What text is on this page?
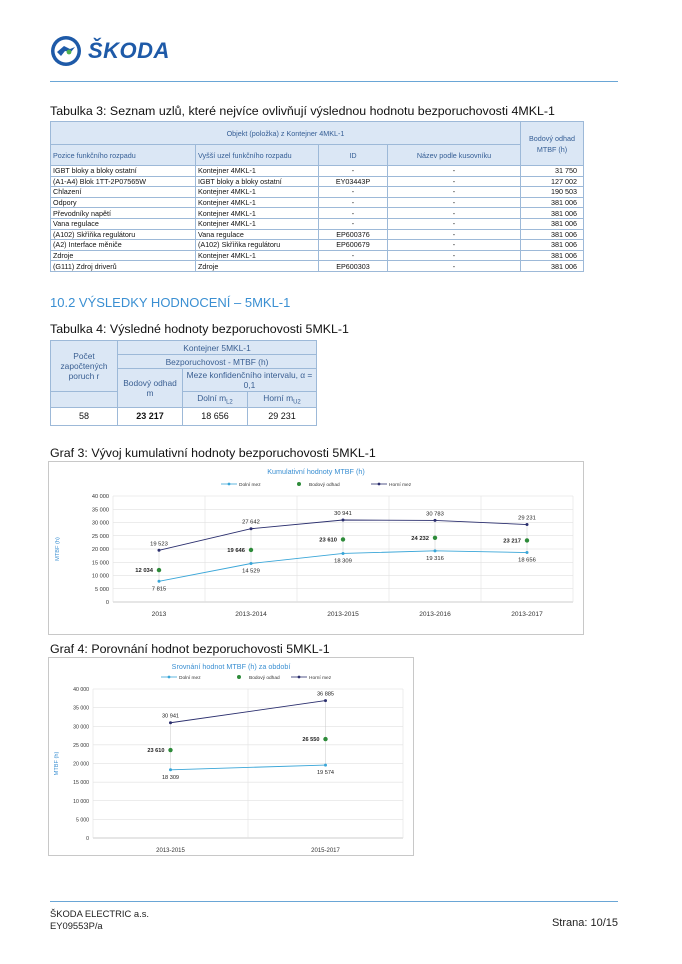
ŠKODA
Tabulka 3: Seznam uzlů, které nejvíce ovlivňují výslednou hodnotu bezporuchovosti 4MKL-1
Objekt (položka) z Kontejner 4MKL-1				Bodový odhad MTBF (h)
Pozice funkčního rozpadu	Vyšší uzel funkčního rozpadu	ID	Název podle kusovníku	
IGBT bloky a bloky ostatní	Kontejner 4MKL-1	-	-	31 750
(A1-A4) Blok 1TT-2P07565W	IGBT bloky a bloky ostatní	EY03443P	-	127 002
Chlazení	Kontejner 4MKL-1	-	-	190 503
Odpory	Kontejner 4MKL-1	-	-	381 006
Převodníky napětí	Kontejner 4MKL-1	-	-	381 006
Vana regulace	Kontejner 4MKL-1	-	-	381 006
(A102) Skříňka regulátoru	Vana regulace	EP600376	-	381 006
(A2) Interface měniče	(A102) Skříňka regulátoru	EP600679	-	381 006
Zdroje	Kontejner 4MKL-1	-	-	381 006
(G111) Zdroj driverů	Zdroje	EP600303	-	381 006
10.2 VÝSLEDKY HODNOCENÍ – 5MKL-1
Tabulka 4: Výsledné hodnoty bezporuchovosti 5MKL-1
Počet započtených poruch r	Kontejner 5MKL-1		
	Bezporuchovost - MTBF (h)		
	Bodový odhad m	Meze konfidenčního intervalu, α = 0,1	
		Dolní $m_{L2}$	Horní $m_{U2}$
58	23 217	18 656	29 231
Graf 3: Vývoj kumulativní hodnoty bezporuchovosti 5MKL-1
Kumulativní hodnoty MTBF (h)
Dolní mez	Bodový odhad	Horní mez
0
5 000
10 000
15 000
20 000
25 000
30 000
35 000
40 000
MTBF (h)
2013	2013-2014	2013-2015	2013-2016	2013-2017
7 815
14 529
18 309	19 316	18 656
12 034
19 646
23 610	24 232	23 217
19 523
27 642
30 941	30 783
29 231
Graf 4: Porovnání hodnot bezporuchovosti 5MKL-1
Srovnání hodnot MTBF (h) za období
Dolní mez	Bodový odhad	Horní mez
0
5 000
10 000
15 000
20 000
25 000
30 000
35 000
40 000
MTBF (h)
2013-2015	2015-2017
18 309
19 574
23 610
26 550
30 941
36 885
ŠKODA ELECTRIC a.s.
EY09553P/a	Strana: 10/15
